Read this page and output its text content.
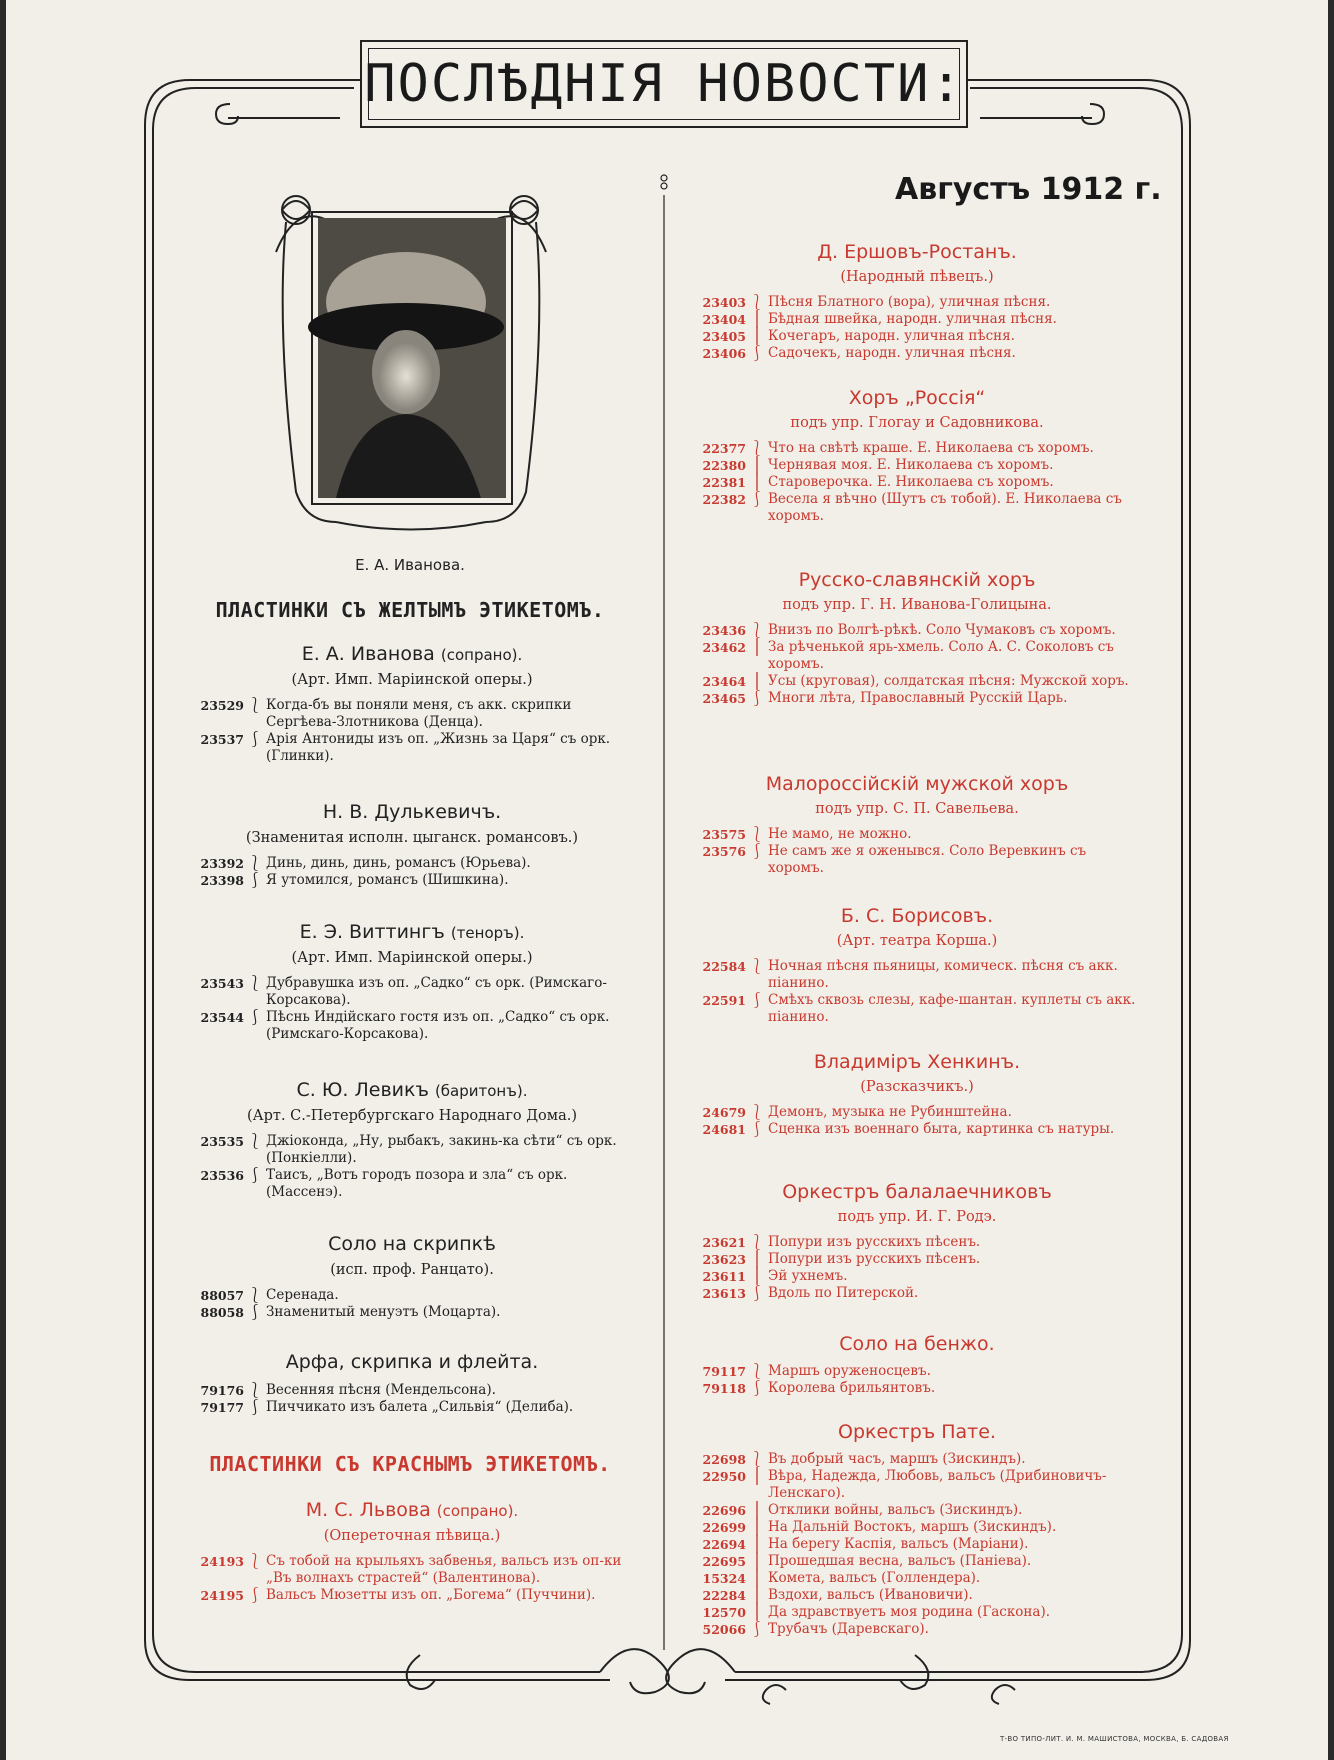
ПОСЛѢДНІЯ НОВОСТИ:
Августъ 1912 г.
Е. А. Иванова.
ПЛАСТИНКИ СЪ ЖЕЛТЫМЪ ЭТИКЕТОМЪ.
Е. А. Иванова (сопрано).
(Арт. Имп. Маріинской оперы.)
23529 ⎱ Когда-бъ вы поняли меня, съ акк. скрипки Сергѣева-Злотникова (Денца).
23537 ⎰ Арія Антониды изъ оп. „Жизнь за Царя“ съ орк. (Глинки).
Н. В. Дулькевичъ.
(Знаменитая исполн. цыганск. романсовъ.)
23392 ⎱ Динь, динь, динь, романсъ (Юрьева).
23398 ⎰ Я утомился, романсъ (Шишкина).
Е. Э. Виттингъ (теноръ).
(Арт. Имп. Маріинской оперы.)
23543 ⎱ Дубравушка изъ оп. „Садко“ съ орк. (Римскаго-Корсакова).
23544 ⎰ Пѣснь Индійскаго гостя изъ оп. „Садко“ съ орк. (Римскаго-Корсакова).
С. Ю. Левикъ (баритонъ).
(Арт. С.-Петербургскаго Народнаго Дома.)
23535 ⎱ Джіоконда, „Ну, рыбакъ, закинь-ка сѣти“ съ орк. (Понкіелли).
23536 ⎰ Таисъ, „Вотъ городъ позора и зла“ съ орк. (Массенэ).
Соло на скрипкѣ
(исп. проф. Ранцато).
88057 ⎱ Серенада.
88058 ⎰ Знаменитый менуэтъ (Моцарта).
Арфа, скрипка и флейта.
79176 ⎱ Весенняя пѣсня (Мендельсона).
79177 ⎰ Пиччикато изъ балета „Сильвія“ (Делиба).
ПЛАСТИНКИ СЪ КРАСНЫМЪ ЭТИКЕТОМЪ.
М. С. Львова (сопрано).
(Опереточная пѣвица.)
24193 ⎱ Съ тобой на крыльяхъ забвенья, вальсъ изъ оп-ки „Въ волнахъ страстей“ (Валентинова).
24195 ⎰ Вальсъ Мюзетты изъ оп. „Богема“ (Пуччини).
Д. Ершовъ-Ростанъ.
(Народный пѣвецъ.)
23403 ⎱ Пѣсня Блатного (вора), уличная пѣсня.
23404 ⎪ Бѣдная швейка, народн. уличная пѣсня.
23405 ⎪ Кочегаръ, народн. уличная пѣсня.
23406 ⎰ Садочекъ, народн. уличная пѣсня.
Хоръ „Россія“
подъ упр. Глогау и Садовникова.
22377 ⎱ Что на свѣтѣ краше. Е. Николаева съ хоромъ.
22380 ⎪ Чернявая моя. Е. Николаева съ хоромъ.
22381 ⎪ Староверочка. Е. Николаева съ хоромъ.
22382 ⎰ Весела я вѣчно (Шутъ съ тобой). Е. Николаева съ хоромъ.
Русско-славянскій хоръ
подъ упр. Г. Н. Иванова-Голицына.
23436 ⎱ Внизъ по Волгѣ-рѣкѣ. Соло Чумаковъ съ хоромъ.
23462 ⎪ За рѣченькой ярь-хмель. Соло А. С. Соколовъ съ хоромъ.
23464 ⎪ Усы (круговая), солдатская пѣсня: Мужской хоръ.
23465 ⎰ Многи лѣта, Православный Русскій Царь.
Малороссійскій мужской хоръ
подъ упр. С. П. Савельева.
23575 ⎱ Не мамо, не можно.
23576 ⎰ Не самъ же я оженывся. Соло Веревкинъ съ хоромъ.
Б. С. Борисовъ.
(Арт. театра Корша.)
22584 ⎱ Ночная пѣсня пьяницы, комическ. пѣсня съ акк. піанино.
22591 ⎰ Смѣхъ сквозь слезы, кафе-шантан. куплеты съ акк. піанино.
Владиміръ Хенкинъ.
(Разсказчикъ.)
24679 ⎱ Демонъ, музыка не Рубинштейна.
24681 ⎰ Сценка изъ военнаго быта, картинка съ натуры.
Оркестръ балалаечниковъ
подъ упр. И. Г. Родэ.
23621 ⎱ Попури изъ русскихъ пѣсенъ.
23623 ⎪ Попури изъ русскихъ пѣсенъ.
23611 ⎪ Эй ухнемъ.
23613 ⎰ Вдоль по Питерской.
Соло на бенжо.
79117 ⎱ Маршъ оруженосцевъ.
79118 ⎰ Королева брильянтовъ.
Оркестръ Пате.
22698 ⎱ Въ добрый часъ, маршъ (Зискиндъ).
22950 ⎪ Вѣра, Надежда, Любовь, вальсъ (Дрибиновичъ-Ленскаго).
22696 ⎪ Отклики войны, вальсъ (Зискиндъ).
22699 ⎪ На Дальній Востокъ, маршъ (Зискиндъ).
22694 ⎪ На берегу Каспія, вальсъ (Маріани).
22695 ⎪ Прошедшая весна, вальсъ (Паніева).
15324 ⎪ Комета, вальсъ (Голлендера).
22284 ⎪ Вздохи, вальсъ (Ивановичи).
12570 ⎪ Да здравствуетъ моя родина (Гаскона).
52066 ⎰ Трубачъ (Даревскаго).
Т-ВО ТИПО-ЛИТ. И. М. МАШИСТОВА, МОСКВА, Б. САДОВАЯ
